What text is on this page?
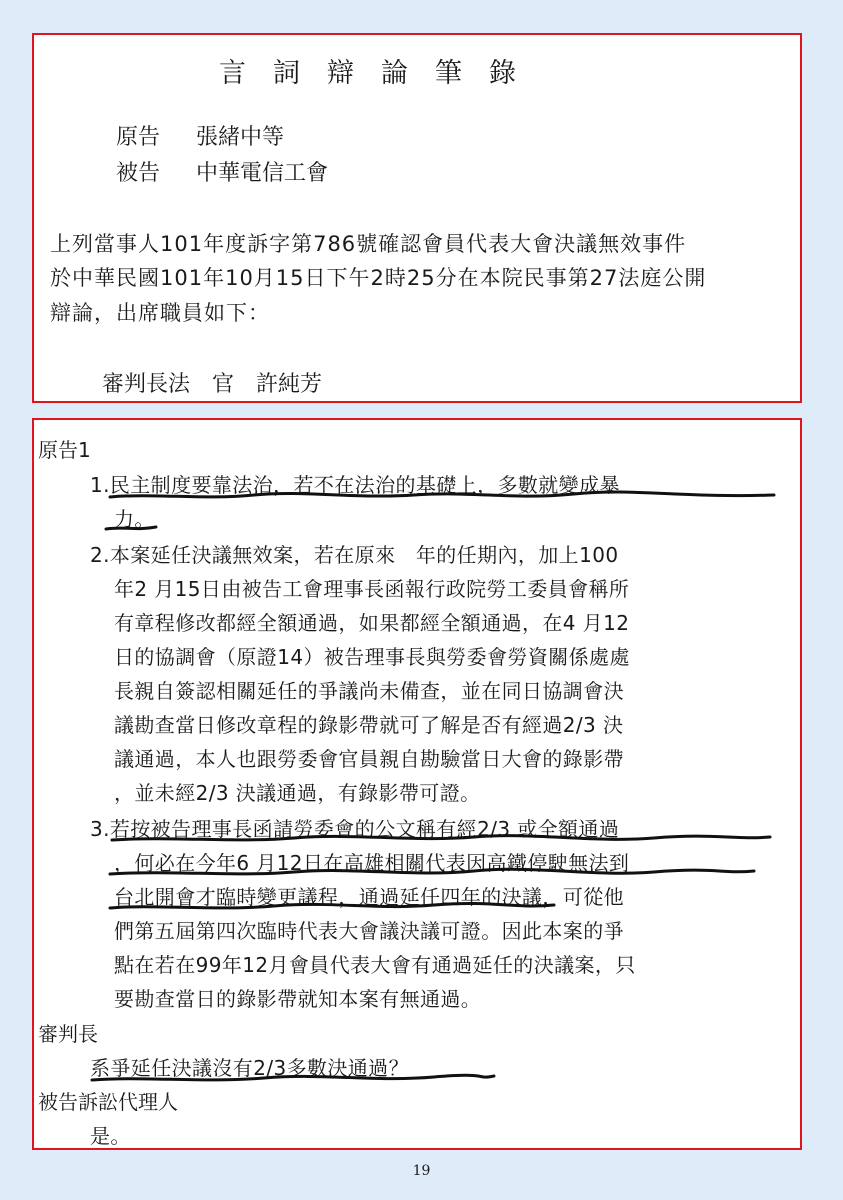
言詞辯論筆錄
原告 張緒中等
被告 中華電信工會
上列當事人101年度訴字第786號確認會員代表大會決議無效事件
於中華民國101年10月15日下午2時25分在本院民事第27法庭公開
辯論，出席職員如下：
審判長法　官　許純芳
原告1
1.民主制度要靠法治，若不在法治的基礎上，多數就變成暴
力。
2.本案延任決議無效案，若在原來　年的任期內，加上100
年2 月15日由被告工會理事長函報行政院勞工委員會稱所
有章程修改都經全額通過，如果都經全額通過，在4 月12
日的協調會（原證14）被告理事長與勞委會勞資關係處處
長親自簽認相關延任的爭議尚未備查，並在同日協調會決
議勘查當日修改章程的錄影帶就可了解是否有經過2/3 決
議通過，本人也跟勞委會官員親自勘驗當日大會的錄影帶
，並未經2/3 決議通過，有錄影帶可證。
3.若按被告理事長函請勞委會的公文稱有經2/3 或全額通過
，何必在今年6 月12日在高雄相關代表因高鐵停駛無法到
台北開會才臨時變更議程，通過延任四年的決議，可從他
們第五屆第四次臨時代表大會議決議可證。因此本案的爭
點在若在99年12月會員代表大會有通過延任的決議案，只
要勘查當日的錄影帶就知本案有無通過。
審判長
系爭延任決議沒有2/3多數決通過？
被告訴訟代理人
是。
19
